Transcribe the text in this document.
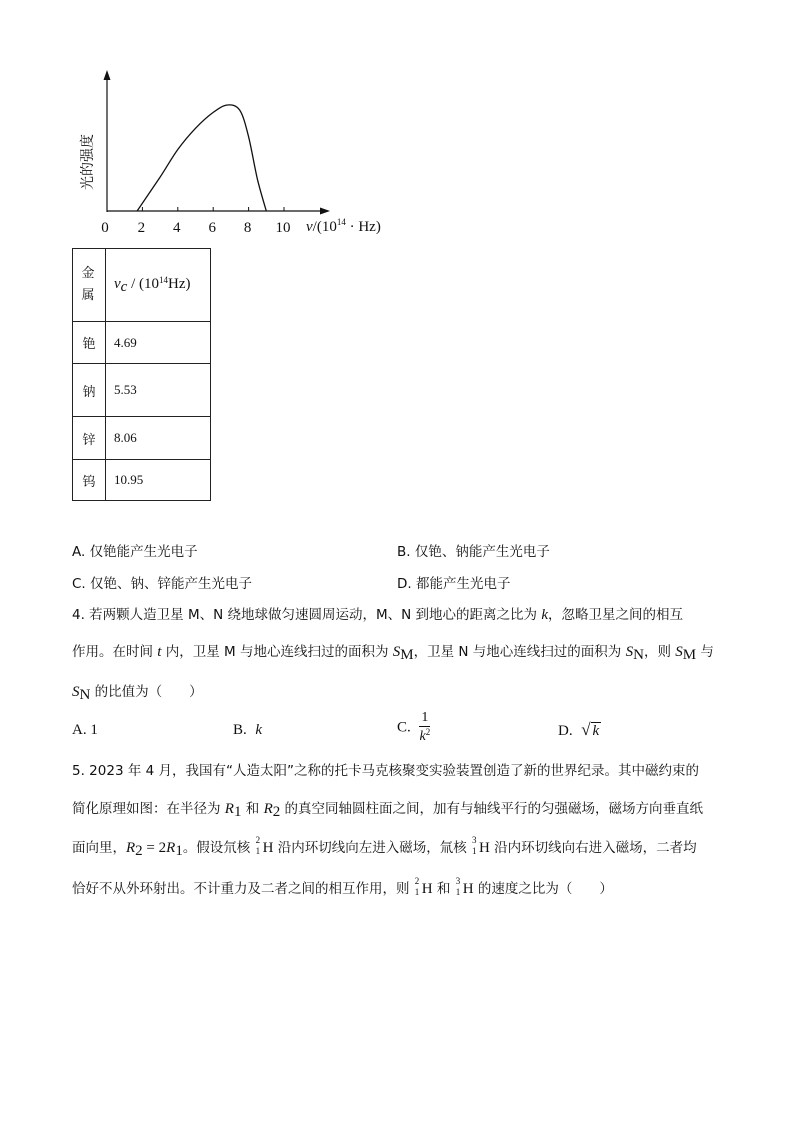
0 2 4 6 8 10
光的强度
$\nu/(10^{14} \cdot Hz)$
金属	$\nu_c / (10^{14}Hz)$
铯	4.69
钠	5.53
锌	8.06
钨	10.95
A. 仅铯能产生光电子	B. 仅铯、钠能产生光电子
C. 仅铯、钠、锌能产生光电子	D. 都能产生光电子
4. 若两颗人造卫星 M、N 绕地球做匀速圆周运动，M、N 到地心的距离之比为 k，忽略卫星之间的相互
作用。在时间 t 内，卫星 M 与地心连线扫过的面积为 $S_M$，卫星 N 与地心连线扫过的面积为 $S_N$，则 $S_M$ 与
$S_N$ 的比值为（　　）
A. 1	B. k	C. $\frac{1}{k^2}$	D. √ k
5. 2023 年 4 月，我国有“人造太阳”之称的托卡马克核聚变实验装置创造了新的世界纪录。其中磁约束的
简化原理如图：在半径为 $R_1$ 和 $R_2$ 的真空同轴圆柱面之间，加有与轴线平行的匀强磁场，磁场方向垂直纸
面向里，$R_2 = 2R_1$。假设氘核 2
1 H 沿内环切线向左进入磁场，氚核 3
1 H 沿内环切线向右进入磁场，二者均
恰好不从外环射出。不计重力及二者之间的相互作用，则 2
1 H 和 3
1 H 的速度之比为（　　）
